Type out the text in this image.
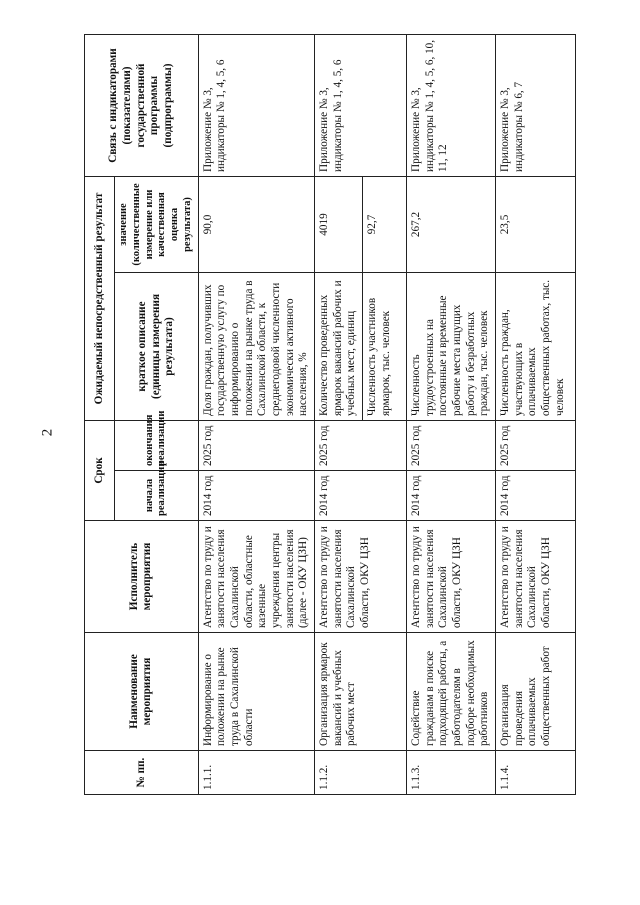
2
№ пп.	Наименование мероприятия	Исполнитель мероприятия	Срок		Ожидаемый непосредственный результат		Связь с индикаторами (показателями) государственной программы (подпрограммы)
			начала реализации	окончания реализации	краткое описание (единицы измерения результата)	значение (количественные измерение или качественная оценка результата)	
1.1.1.	Информирование о положении на рынке труда в Сахалинской области	Агентство по труду и занятости населения Сахалинской области, областные казенные учреждения центры занятости населения (далее - ОКУ ЦЗН)	2014 год	2025 год	Доля граждан, получивших государственную услугу по информированию о положении на рынке труда в Сахалинской области, к среднегодовой численности экономически активного населения, %	90,0	Приложение № 3, индикаторы № 1, 4, 5, 6
1.1.2.	Организация ярмарок вакансий и учебных рабочих мест	Агентство по труду и занятости населения Сахалинской области, ОКУ ЦЗН	2014 год	2025 год	Количество проведенных ярмарок вакансий рабочих и учебных мест, единиц	4019	Приложение № 3, индикаторы № 1, 4, 5, 6
					Численность участников ярмарок, тыс. человек	92,7	
1.1.3.	Содействие гражданам в поиске подходящей работы, а работодателям в подборе необходимых работников	Агентство по труду и занятости населения Сахалинской области, ОКУ ЦЗН	2014 год	2025 год	Численность трудоустроенных на постоянные и временные рабочие места ищущих работу и безработных граждан, тыс. человек	267,2	Приложение № 3, индикаторы № 1, 4, 5, 6, 10, 11, 12
1.1.4.	Организация проведения оплачиваемых общественных работ	Агентство по труду и занятости населения Сахалинской области, ОКУ ЦЗН	2014 год	2025 год	Численность граждан, участвующих в оплачиваемых общественных работах, тыс. человек	23,5	Приложение № 3, индикаторы № 6, 7
